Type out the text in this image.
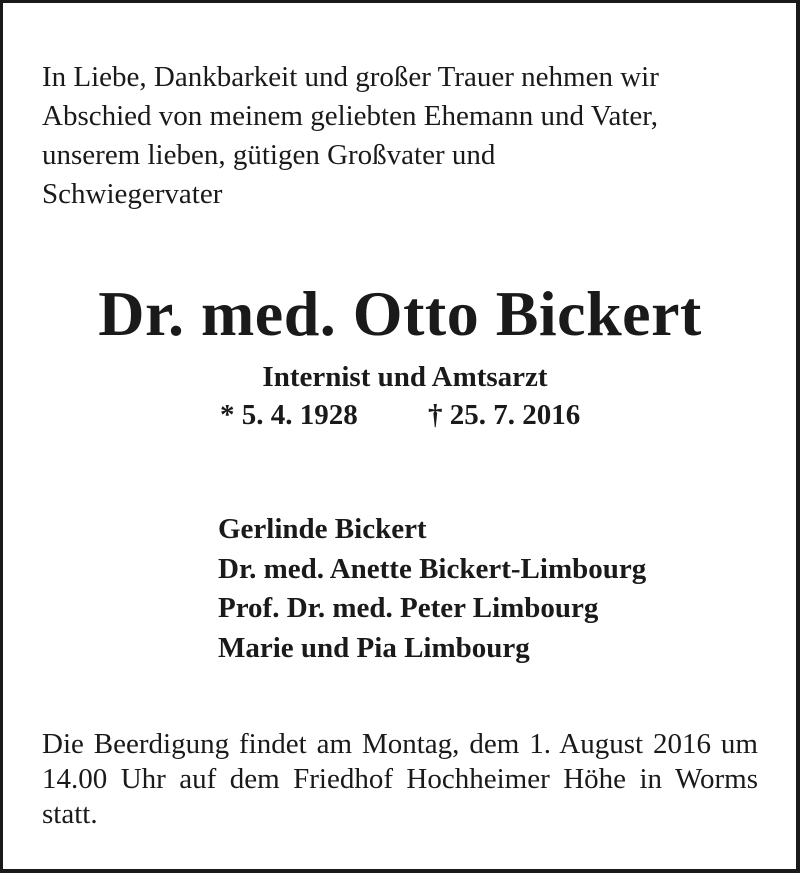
In Liebe, Dankbarkeit und großer Trauer nehmen wir
Abschied von meinem geliebten Ehemann und Vater,
unserem lieben, gütigen Großvater und
Schwiegervater
Dr. med. Otto Bickert
Internist und Amtsarzt
* 5. 4. 1928 † 25. 7. 2016
Gerlinde Bickert
Dr. med. Anette Bickert-Limbourg
Prof. Dr. med. Peter Limbourg
Marie und Pia Limbourg
Die Beerdigung findet am Montag, dem 1. August 2016 um
14.00 Uhr auf dem Friedhof Hochheimer Höhe in Worms
statt.
